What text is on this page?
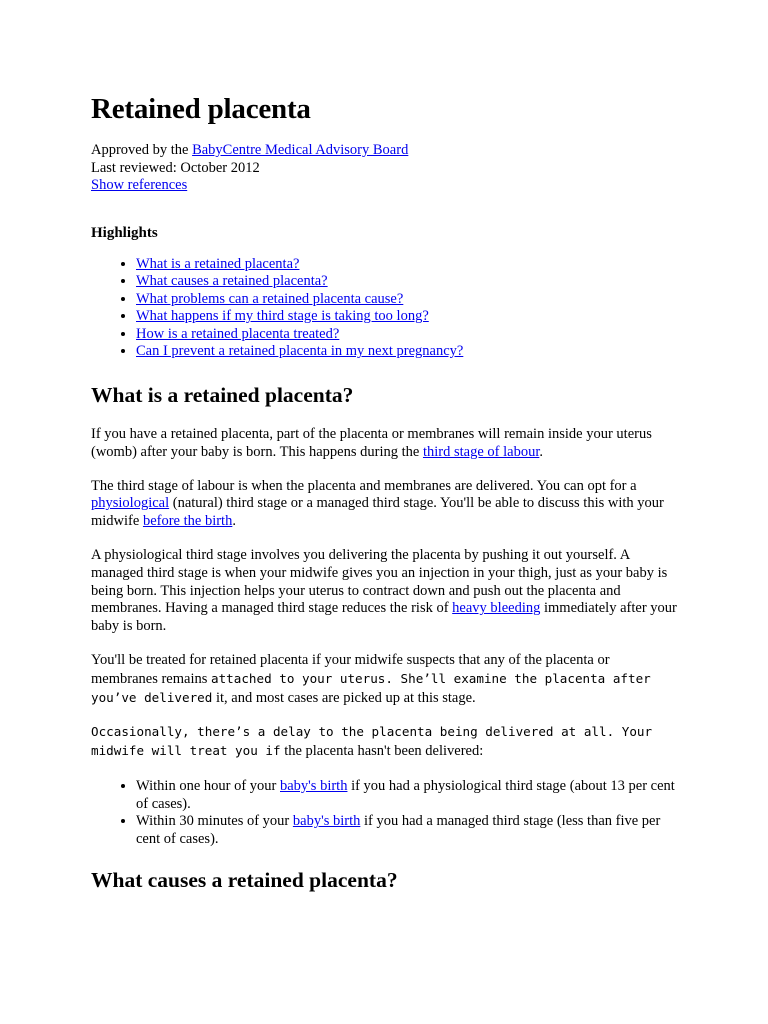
Retained placenta
Approved by the BabyCentre Medical Advisory Board
Last reviewed: October 2012
Show references
Highlights
• What is a retained placenta?
• What causes a retained placenta?
• What problems can a retained placenta cause?
• What happens if my third stage is taking too long?
• How is a retained placenta treated?
• Can I prevent a retained placenta in my next pregnancy?
What is a retained placenta?

If you have a retained placenta, part of the placenta or membranes will remain inside your uterus (womb) after your baby is born. This happens during the third stage of labour.

The third stage of labour is when the placenta and membranes are delivered. You can opt for a physiological (natural) third stage or a managed third stage. You'll be able to discuss this with your midwife before the birth.

A physiological third stage involves you delivering the placenta by pushing it out yourself. A managed third stage is when your midwife gives you an injection in your thigh, just as your baby is being born. This injection helps your uterus to contract down and push out the placenta and membranes. Having a managed third stage reduces the risk of heavy bleeding immediately after your baby is born.

You'll be treated for retained placenta if your midwife suspects that any of the placenta or membranes remains attached to your uterus. She’ll examine the placenta after you’ve delivered it, and most cases are picked up at this stage.

Occasionally, there’s a delay to the placenta being delivered at all. Your midwife will treat you if the placenta hasn't been delivered:

• Within one hour of your baby's birth if you had a physiological third stage (about 13 per cent of cases).
• Within 30 minutes of your baby's birth if you had a managed third stage (less than five per cent of cases).
What causes a retained placenta?
